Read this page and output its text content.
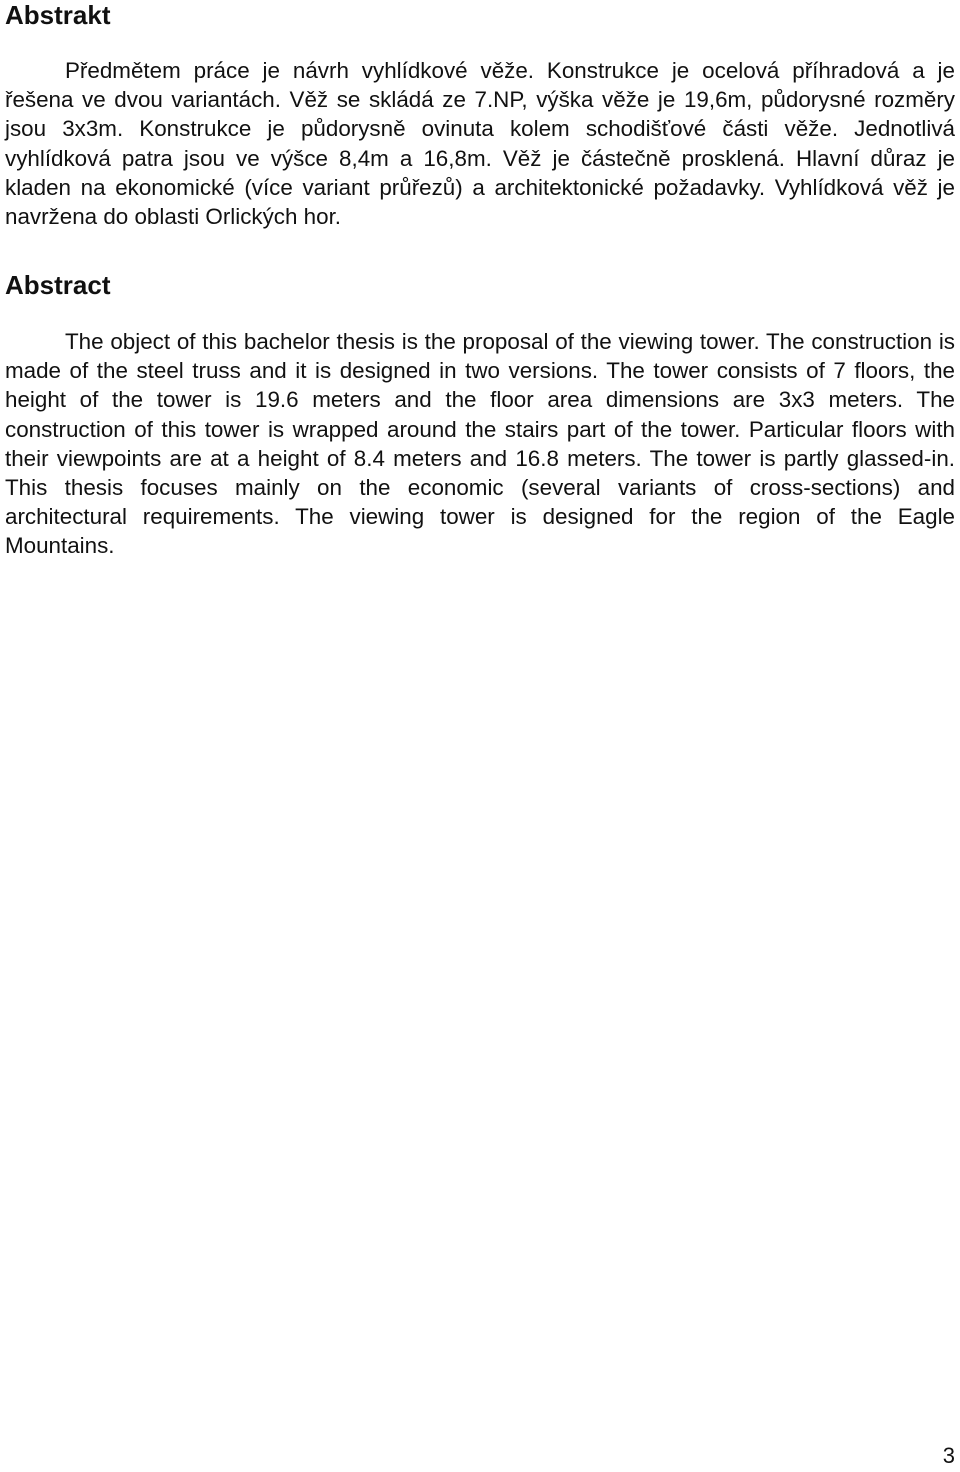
Abstrakt

Předmětem práce je návrh vyhlídkové věže. Konstrukce je ocelová příhradová a je řešena ve dvou variantách. Věž se skládá ze 7.NP, výška věže je 19,6m, půdorysné rozměry jsou 3x3m. Konstrukce je půdorysně ovinuta kolem schodišťové části věže. Jednotlivá vyhlídková patra jsou ve výšce 8,4m a 16,8m. Věž je částečně prosklená. Hlavní důraz je kladen na ekonomické (více variant průřezů) a architektonické požadavky. Vyhlídková věž je navržena do oblasti Orlických hor.

Abstract

The object of this bachelor thesis is the proposal of the viewing tower. The construction is made of the steel truss and it is designed in two versions. The tower consists of 7 floors, the height of the tower is 19.6 meters and the floor area dimensions are 3x3 meters. The construction of this tower is wrapped around the stairs part of the tower. Particular floors with their viewpoints are at a height of 8.4 meters and 16.8 meters. The tower is partly glassed-in. This thesis focuses mainly on the economic (several variants of cross-sections) and architectural requirements. The viewing tower is designed for the region of the Eagle Mountains.

3
